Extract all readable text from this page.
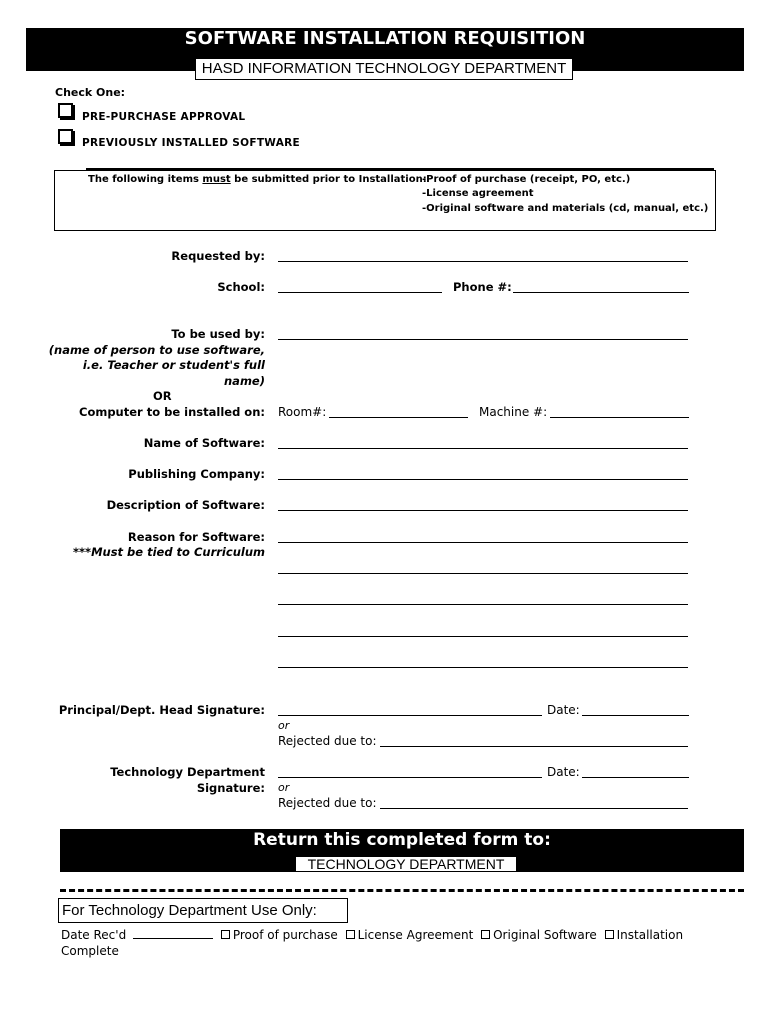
SOFTWARE INSTALLATION REQUISITION
HASD INFORMATION TECHNOLOGY DEPARTMENT
Check One:
PRE-PURCHASE APPROVAL
PREVIOUSLY INSTALLED SOFTWARE
The following items must be submitted prior to Installation:
-Proof of purchase (receipt, PO, etc.)
-License agreement
-Original software and materials (cd, manual, etc.)
Requested by:
School:	Phone #:
To be used by:
(name of person to use software,
i.e. Teacher or student's full
name)
OR
Computer to be installed on: Room#:	Machine #:
Name of Software:
Publishing Company:
Description of Software:
Reason for Software:
***Must be tied to Curriculum
Principal/Dept. Head Signature:	Date:
or
Rejected due to:
Technology Department
Signature:
Date:
or
Rejected due to:
Return this completed form to:
TECHNOLOGY DEPARTMENT
For Technology Department Use Only:
Date Rec'd	Proof of purchase License Agreement Original Software Installation
Complete
